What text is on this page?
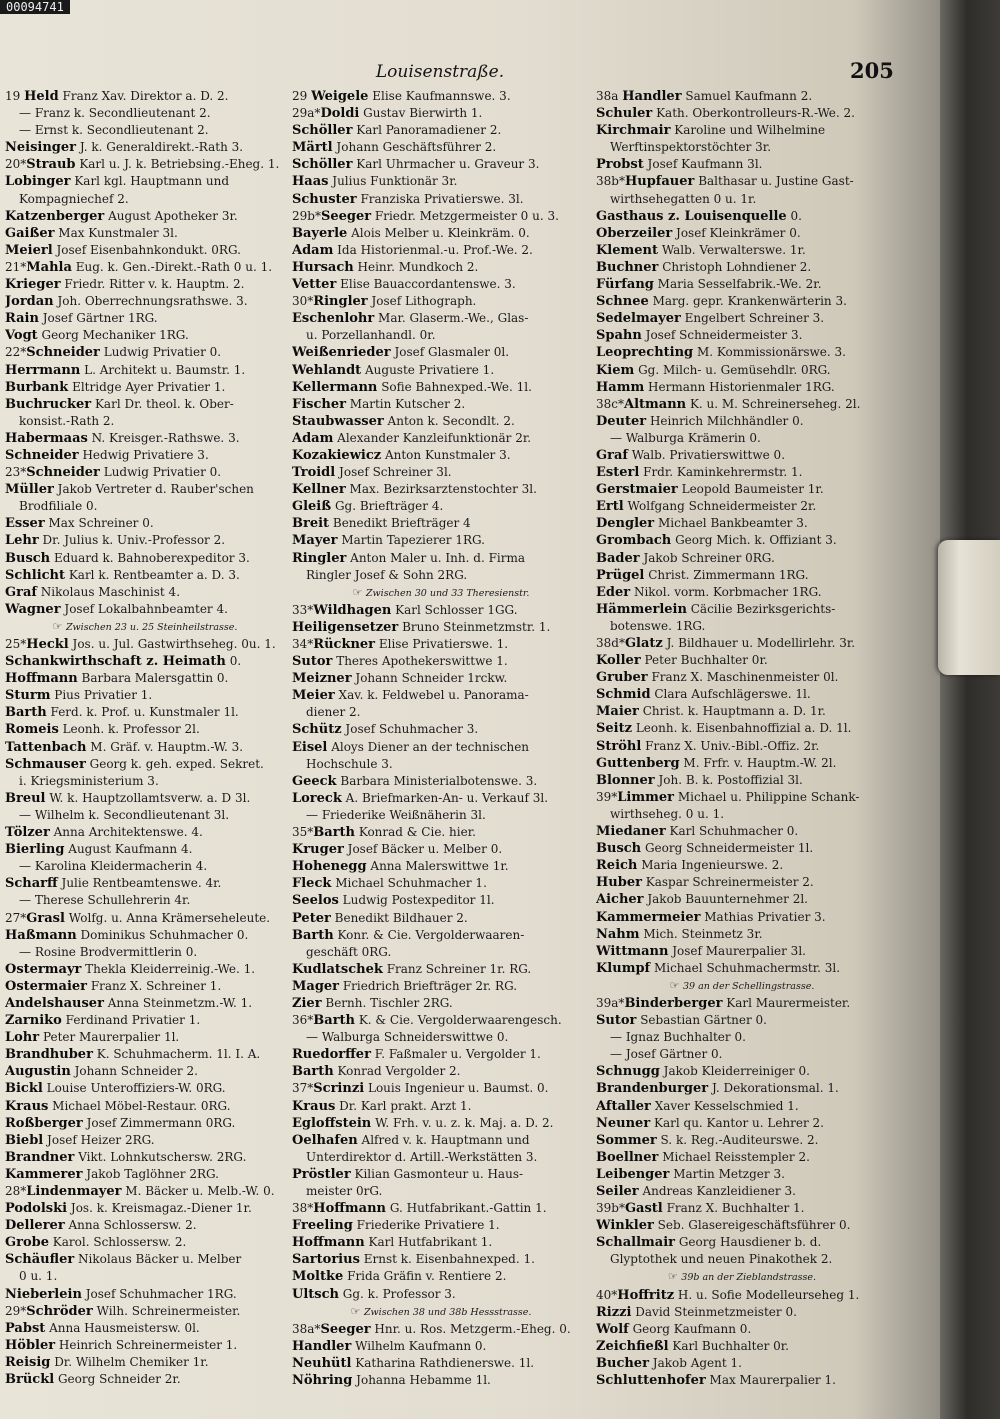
00094741
Louisenstraße.	205
19 Held Franz Xav. Direktor a. D. 2.
— Franz k. Secondlieutenant 2.
— Ernst k. Secondlieutenant 2.
Neisinger J. k. Generaldirekt.-Rath 3.
20*Straub Karl u. J. k. Betriebsing.-Eheg. 1.
Lobinger Karl kgl. Hauptmann und
Kompagniechef 2.
Katzenberger August Apotheker 3r.
Gaißer Max Kunstmaler 3l.
Meierl Josef Eisenbahnkondukt. 0RG.
21*Mahla Eug. k. Gen.-Direkt.-Rath 0 u. 1.
Krieger Friedr. Ritter v. k. Hauptm. 2.
Jordan Joh. Oberrechnungsrathswe. 3.
Rain Josef Gärtner 1RG.
Vogt Georg Mechaniker 1RG.
22*Schneider Ludwig Privatier 0.
Herrmann L. Architekt u. Baumstr. 1.
Burbank Eltridge Ayer Privatier 1.
Buchrucker Karl Dr. theol. k. Ober-
konsist.-Rath 2.
Habermaas N. Kreisger.-Rathswe. 3.
Schneider Hedwig Privatiere 3.
23*Schneider Ludwig Privatier 0.
Müller Jakob Vertreter d. Rauber'schen
Brodfiliale 0.
Esser Max Schreiner 0.
Lehr Dr. Julius k. Univ.-Professor 2.
Busch Eduard k. Bahnoberexpeditor 3.
Schlicht Karl k. Rentbeamter a. D. 3.
Graf Nikolaus Maschinist 4.
Wagner Josef Lokalbahnbeamter 4.
☞ Zwischen 23 u. 25 Steinheilstrasse.
25*Heckl Jos. u. Jul. Gastwirthseheg. 0u. 1.
Schankwirthschaft z. Heimath 0.
Hoffmann Barbara Malersgattin 0.
Sturm Pius Privatier 1.
Barth Ferd. k. Prof. u. Kunstmaler 1l.
Romeis Leonh. k. Professor 2l.
Tattenbach M. Gräf. v. Hauptm.-W. 3.
Schmauser Georg k. geh. exped. Sekret.
i. Kriegsministerium 3.
Breul W. k. Hauptzollamtsverw. a. D 3l.
— Wilhelm k. Secondlieutenant 3l.
Tölzer Anna Architektenswe. 4.
Bierling August Kaufmann 4.
— Karolina Kleidermacherin 4.
Scharff Julie Rentbeamtenswe. 4r.
— Therese Schullehrerin 4r.
27*Grasl Wolfg. u. Anna Krämerseheleute.
Haßmann Dominikus Schuhmacher 0.
— Rosine Brodvermittlerin 0.
Ostermayr Thekla Kleiderreinig.-We. 1.
Ostermaier Franz X. Schreiner 1.
Andelshauser Anna Steinmetzm.-W. 1.
Zarniko Ferdinand Privatier 1.
Lohr Peter Maurerpalier 1l.
Brandhuber K. Schuhmacherm. 1l. I. A.
Augustin Johann Schneider 2.
Bickl Louise Unteroffiziers-W. 0RG.
Kraus Michael Möbel-Restaur. 0RG.
Roßberger Josef Zimmermann 0RG.
Biebl Josef Heizer 2RG.
Brandner Vikt. Lohnkutschersw. 2RG.
Kammerer Jakob Taglöhner 2RG.
28*Lindenmayer M. Bäcker u. Melb.-W. 0.
Podolski Jos. k. Kreismagaz.-Diener 1r.
Dellerer Anna Schlossersw. 2.
Grobe Karol. Schlossersw. 2.
Schäufler Nikolaus Bäcker u. Melber
0 u. 1.
Nieberlein Josef Schuhmacher 1RG.
29*Schröder Wilh. Schreinermeister.
Pabst Anna Hausmeistersw. 0l.
Höbler Heinrich Schreinermeister 1.
Reisig Dr. Wilhelm Chemiker 1r.
Brückl Georg Schneider 2r.
29 Weigele Elise Kaufmannswe. 3.
29a*Doldi Gustav Bierwirth 1.
Schöller Karl Panoramadiener 2.
Märtl Johann Geschäftsführer 2.
Schöller Karl Uhrmacher u. Graveur 3.
Haas Julius Funktionär 3r.
Schuster Franziska Privatierswe. 3l.
29b*Seeger Friedr. Metzgermeister 0 u. 3.
Bayerle Alois Melber u. Kleinkräm. 0.
Adam Ida Historienmal.-u. Prof.-We. 2.
Hursach Heinr. Mundkoch 2.
Vetter Elise Bauaccordantenswe. 3.
30*Ringler Josef Lithograph.
Eschenlohr Mar. Glaserm.-We., Glas-
u. Porzellanhandl. 0r.
Weißenrieder Josef Glasmaler 0l.
Wehlandt Auguste Privatiere 1.
Kellermann Sofie Bahnexped.-We. 1l.
Fischer Martin Kutscher 2.
Staubwasser Anton k. Secondlt. 2.
Adam Alexander Kanzleifunktionär 2r.
Kozakiewicz Anton Kunstmaler 3.
Troidl Josef Schreiner 3l.
Kellner Max. Bezirksarztenstochter 3l.
Gleiß Gg. Briefträger 4.
Breit Benedikt Briefträger 4
Mayer Martin Tapezierer 1RG.
Ringler Anton Maler u. Inh. d. Firma
Ringler Josef & Sohn 2RG.
☞ Zwischen 30 und 33 Theresienstr.
33*Wildhagen Karl Schlosser 1GG.
Heiligensetzer Bruno Steinmetzmstr. 1.
34*Rückner Elise Privatierswe. 1.
Sutor Theres Apothekerswittwe 1.
Meizner Johann Schneider 1rckw.
Meier Xav. k. Feldwebel u. Panorama-
diener 2.
Schütz Josef Schuhmacher 3.
Eisel Aloys Diener an der technischen
Hochschule 3.
Geeck Barbara Ministerialbotenswe. 3.
Loreck A. Briefmarken-An- u. Verkauf 3l.
— Friederike Weißnäherin 3l.
35*Barth Konrad & Cie. hier.
Kruger Josef Bäcker u. Melber 0.
Hohenegg Anna Malerswittwe 1r.
Fleck Michael Schuhmacher 1.
Seelos Ludwig Postexpeditor 1l.
Peter Benedikt Bildhauer 2.
Barth Konr. & Cie. Vergolderwaaren-
geschäft 0RG.
Kudlatschek Franz Schreiner 1r. RG.
Mager Friedrich Briefträger 2r. RG.
Zier Bernh. Tischler 2RG.
36*Barth K. & Cie. Vergolderwaarengesch.
— Walburga Schneiderswittwe 0.
Ruedorffer F. Faßmaler u. Vergolder 1.
Barth Konrad Vergolder 2.
37*Scrinzi Louis Ingenieur u. Baumst. 0.
Kraus Dr. Karl prakt. Arzt 1.
Egloffstein W. Frh. v. u. z. k. Maj. a. D. 2.
Oelhafen Alfred v. k. Hauptmann und
Unterdirektor d. Artill.-Werkstätten 3.
Pröstler Kilian Gasmonteur u. Haus-
meister 0rG.
38*Hoffmann G. Hutfabrikant.-Gattin 1.
Freeling Friederike Privatiere 1.
Hoffmann Karl Hutfabrikant 1.
Sartorius Ernst k. Eisenbahnexped. 1.
Moltke Frida Gräfin v. Rentiere 2.
Ultsch Gg. k. Professor 3.
☞ Zwischen 38 und 38b Hessstrasse.
38a*Seeger Hnr. u. Ros. Metzgerm.-Eheg. 0.
Handler Wilhelm Kaufmann 0.
Neuhütl Katharina Rathdienerswe. 1l.
Nöhring Johanna Hebamme 1l.
38a Handler Samuel Kaufmann 2.
Schuler Kath. Oberkontrolleurs-R.-We. 2.
Kirchmair Karoline und Wilhelmine
Werftinspektorstöchter 3r.
Probst Josef Kaufmann 3l.
38b*Hupfauer Balthasar u. Justine Gast-
wirthsehegatten 0 u. 1r.
Gasthaus z. Louisenquelle 0.
Oberzeiler Josef Kleinkrämer 0.
Klement Walb. Verwalterswe. 1r.
Buchner Christoph Lohndiener 2.
Fürfang Maria Sesselfabrik.-We. 2r.
Schnee Marg. gepr. Krankenwärterin 3.
Sedelmayer Engelbert Schreiner 3.
Spahn Josef Schneidermeister 3.
Leoprechting M. Kommissionärswe. 3.
Kiem Gg. Milch- u. Gemüsehdlr. 0RG.
Hamm Hermann Historienmaler 1RG.
38c*Altmann K. u. M. Schreinerseheg. 2l.
Deuter Heinrich Milchhändler 0.
— Walburga Krämerin 0.
Graf Walb. Privatierswittwe 0.
Esterl Frdr. Kaminkehrermstr. 1.
Gerstmaier Leopold Baumeister 1r.
Ertl Wolfgang Schneidermeister 2r.
Dengler Michael Bankbeamter 3.
Grombach Georg Mich. k. Offiziant 3.
Bader Jakob Schreiner 0RG.
Prügel Christ. Zimmermann 1RG.
Eder Nikol. vorm. Korbmacher 1RG.
Hämmerlein Cäcilie Bezirksgerichts-
botenswe. 1RG.
38d*Glatz J. Bildhauer u. Modellirlehr. 3r.
Koller Peter Buchhalter 0r.
Gruber Franz X. Maschinenmeister 0l.
Schmid Clara Aufschlägerswe. 1l.
Maier Christ. k. Hauptmann a. D. 1r.
Seitz Leonh. k. Eisenbahnoffizial a. D. 1l.
Ströhl Franz X. Univ.-Bibl.-Offiz. 2r.
Guttenberg M. Frfr. v. Hauptm.-W. 2l.
Blonner Joh. B. k. Postoffizial 3l.
39*Limmer Michael u. Philippine Schank-
wirthseheg. 0 u. 1.
Miedaner Karl Schuhmacher 0.
Busch Georg Schneidermeister 1l.
Reich Maria Ingenieurswe. 2.
Huber Kaspar Schreinermeister 2.
Aicher Jakob Bauunternehmer 2l.
Kammermeier Mathias Privatier 3.
Nahm Mich. Steinmetz 3r.
Wittmann Josef Maurerpalier 3l.
Klumpf Michael Schuhmachermstr. 3l.
☞ 39 an der Schellingstrasse.
39a*Binderberger Karl Maurermeister.
Sutor Sebastian Gärtner 0.
— Ignaz Buchhalter 0.
— Josef Gärtner 0.
Schnugg Jakob Kleiderreiniger 0.
Brandenburger J. Dekorationsmal. 1.
Aftaller Xaver Kesselschmied 1.
Neuner Karl qu. Kantor u. Lehrer 2.
Sommer S. k. Reg.-Auditeurswe. 2.
Boellner Michael Reisstempler 2.
Leibenger Martin Metzger 3.
Seiler Andreas Kanzleidiener 3.
39b*Gastl Franz X. Buchhalter 1.
Winkler Seb. Glasereigeschäftsführer 0.
Schallmair Georg Hausdiener b. d.
Glyptothek und neuen Pinakothek 2.
☞ 39b an der Zieblandstrasse.
40*Hoffritz H. u. Sofie Modelleurseheg 1.
Rizzi David Steinmetzmeister 0.
Wolf Georg Kaufmann 0.
Zeichfießl Karl Buchhalter 0r.
Bucher Jakob Agent 1.
Schluttenhofer Max Maurerpalier 1.
